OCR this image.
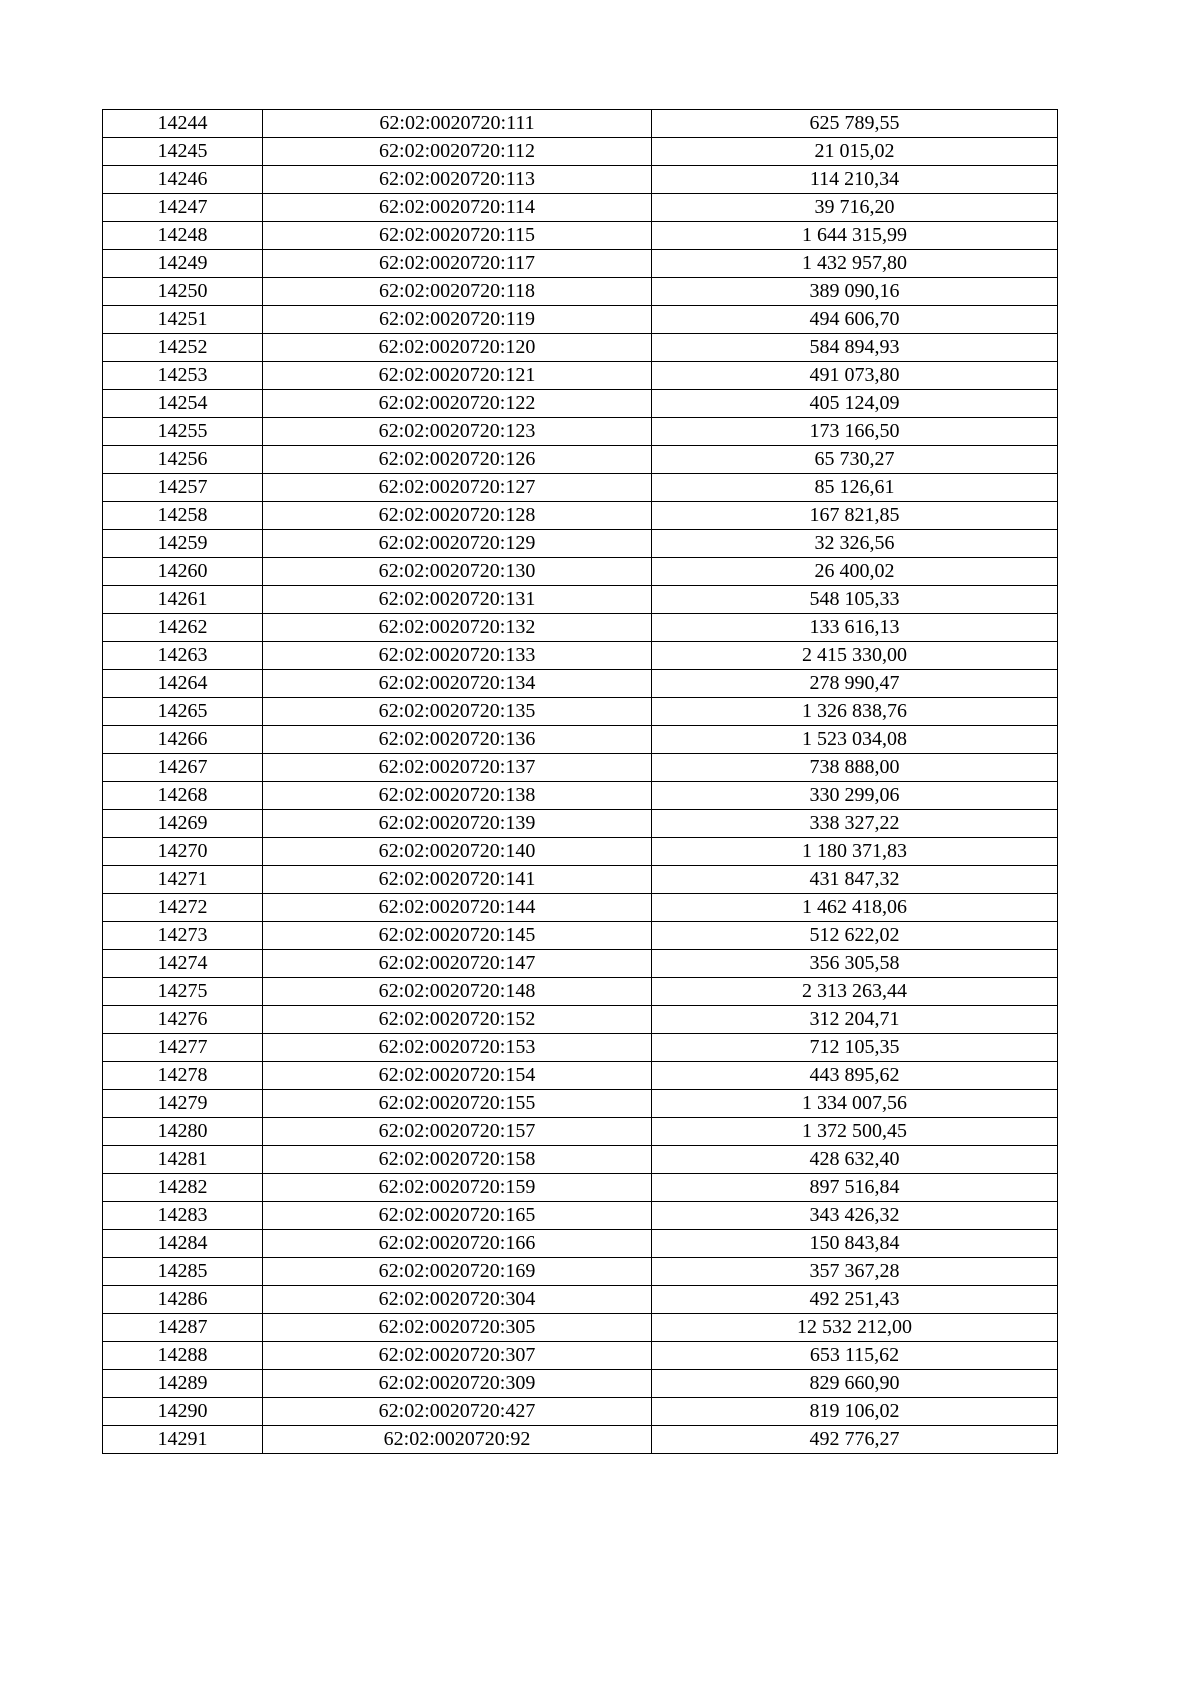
14244	62:02:0020720:111	625 789,55
14245	62:02:0020720:112	21 015,02
14246	62:02:0020720:113	114 210,34
14247	62:02:0020720:114	39 716,20
14248	62:02:0020720:115	1 644 315,99
14249	62:02:0020720:117	1 432 957,80
14250	62:02:0020720:118	389 090,16
14251	62:02:0020720:119	494 606,70
14252	62:02:0020720:120	584 894,93
14253	62:02:0020720:121	491 073,80
14254	62:02:0020720:122	405 124,09
14255	62:02:0020720:123	173 166,50
14256	62:02:0020720:126	65 730,27
14257	62:02:0020720:127	85 126,61
14258	62:02:0020720:128	167 821,85
14259	62:02:0020720:129	32 326,56
14260	62:02:0020720:130	26 400,02
14261	62:02:0020720:131	548 105,33
14262	62:02:0020720:132	133 616,13
14263	62:02:0020720:133	2 415 330,00
14264	62:02:0020720:134	278 990,47
14265	62:02:0020720:135	1 326 838,76
14266	62:02:0020720:136	1 523 034,08
14267	62:02:0020720:137	738 888,00
14268	62:02:0020720:138	330 299,06
14269	62:02:0020720:139	338 327,22
14270	62:02:0020720:140	1 180 371,83
14271	62:02:0020720:141	431 847,32
14272	62:02:0020720:144	1 462 418,06
14273	62:02:0020720:145	512 622,02
14274	62:02:0020720:147	356 305,58
14275	62:02:0020720:148	2 313 263,44
14276	62:02:0020720:152	312 204,71
14277	62:02:0020720:153	712 105,35
14278	62:02:0020720:154	443 895,62
14279	62:02:0020720:155	1 334 007,56
14280	62:02:0020720:157	1 372 500,45
14281	62:02:0020720:158	428 632,40
14282	62:02:0020720:159	897 516,84
14283	62:02:0020720:165	343 426,32
14284	62:02:0020720:166	150 843,84
14285	62:02:0020720:169	357 367,28
14286	62:02:0020720:304	492 251,43
14287	62:02:0020720:305	12 532 212,00
14288	62:02:0020720:307	653 115,62
14289	62:02:0020720:309	829 660,90
14290	62:02:0020720:427	819 106,02
14291	62:02:0020720:92	492 776,27
